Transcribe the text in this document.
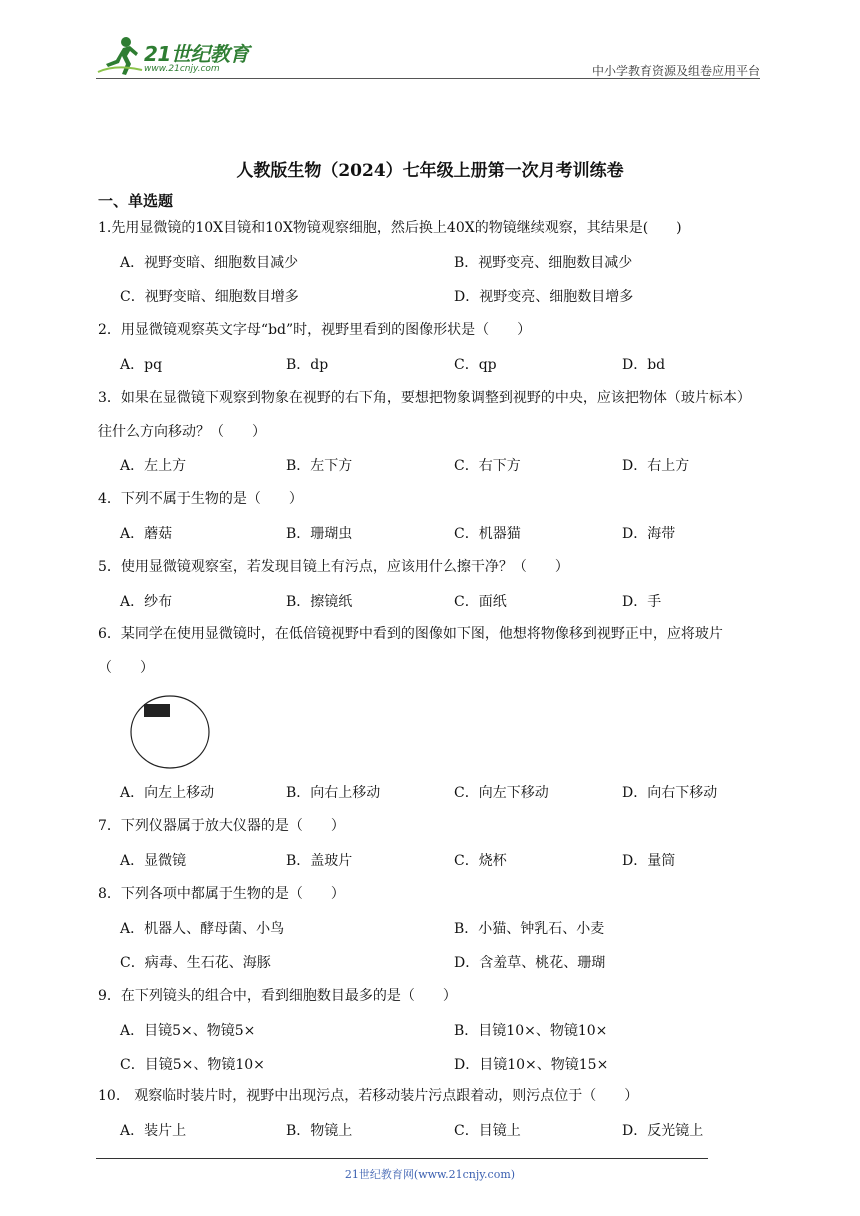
21世纪教育
www.21cnjy.com	中小学教育资源及组卷应用平台
人教版生物（2024）七年级上册第一次月考训练卷
一、单选题
1.先用显微镜的10X目镜和10X物镜观察细胞，然后换上40X的物镜继续观察，其结果是(　　)
A．视野变暗、细胞数目减少	B．视野变亮、细胞数目减少
C．视野变暗、细胞数目增多	D．视野变亮、细胞数目增多
2．用显微镜观察英文字母“bd”时，视野里看到的图像形状是（　　）
A．pq	B．dp	C．qp	D．bd
3．如果在显微镜下观察到物象在视野的右下角，要想把物象调整到视野的中央，应该把物体（玻片标本）往什么方向移动？（　　）
A．左上方	B．左下方	C．右下方	D．右上方
4．下列不属于生物的是（　　）
A．蘑菇	B．珊瑚虫	C．机器猫	D．海带
5．使用显微镜观察室，若发现目镜上有污点，应该用什么擦干净？（　　）
A．纱布	B．擦镜纸	C．面纸	D．手
6．某同学在使用显微镜时，在低倍镜视野中看到的图像如下图，他想将物像移到视野正中，应将玻片（　　）
A．向左上移动	B．向右上移动	C．向左下移动	D．向右下移动
7．下列仪器属于放大仪器的是（　　）
A．显微镜	B．盖玻片	C．烧杯	D．量筒
8．下列各项中都属于生物的是（　　）
A．机器人、酵母菌、小鸟	B．小猫、钟乳石、小麦
C．病毒、生石花、海豚	D．含羞草、桃花、珊瑚
9．在下列镜头的组合中，看到细胞数目最多的是（　　）
A．目镜5×、物镜5×	B．目镜10×、物镜10×
C．目镜5×、物镜10×	D．目镜10×、物镜15×
10.　观察临时装片时，视野中出现污点，若移动装片污点跟着动，则污点位于（　　）
A．装片上	B．物镜上	C．目镜上	D．反光镜上
21世纪教育网(www.21cnjy.com)
